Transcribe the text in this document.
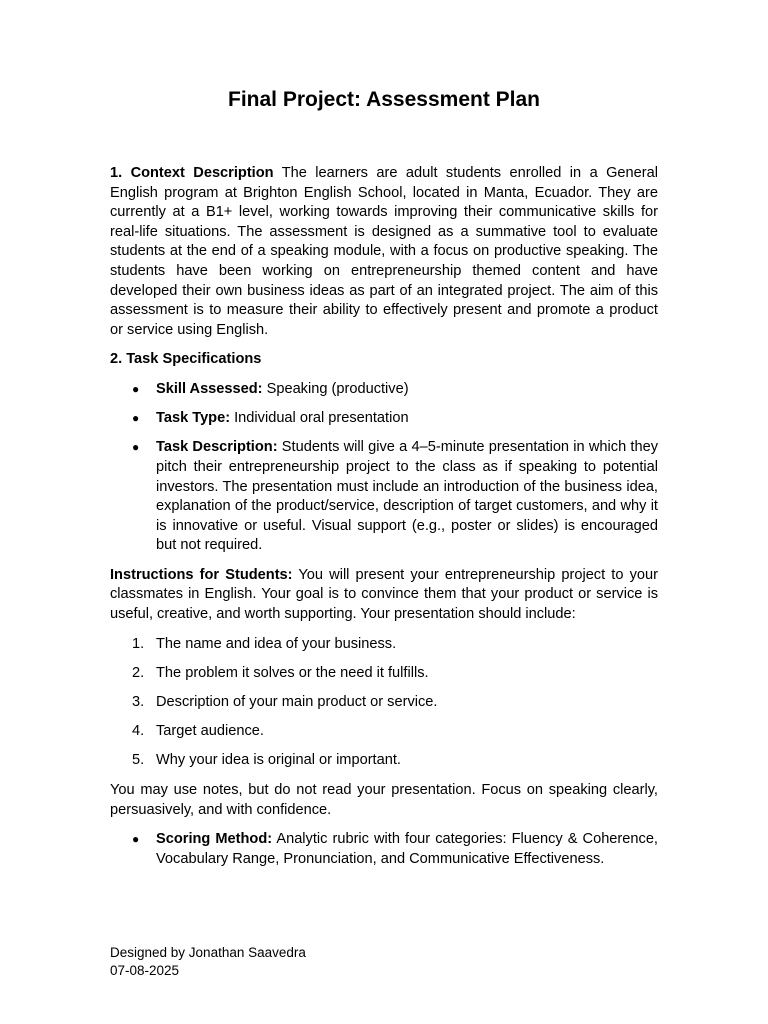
Final Project: Assessment Plan

1. Context Description The learners are adult students enrolled in a General English program at Brighton English School, located in Manta, Ecuador. They are currently at a B1+ level, working towards improving their communicative skills for real-life situations. The assessment is designed as a summative tool to evaluate students at the end of a speaking module, with a focus on productive speaking. The students have been working on entrepreneurship themed content and have developed their own business ideas as part of an integrated project. The aim of this assessment is to measure their ability to effectively present and promote a product or service using English.

2. Task Specifications
● Skill Assessed: Speaking (productive)
● Task Type: Individual oral presentation
● Task Description: Students will give a 4–5-minute presentation in which they pitch their entrepreneurship project to the class as if speaking to potential investors. The presentation must include an introduction of the business idea, explanation of the product/service, description of target customers, and why it is innovative or useful. Visual support (e.g., poster or slides) is encouraged but not required.

Instructions for Students: You will present your entrepreneurship project to your classmates in English. Your goal is to convince them that your product or service is useful, creative, and worth supporting. Your presentation should include:

1. The name and idea of your business.
2. The problem it solves or the need it fulfills.
3. Description of your main product or service.
4. Target audience.
5. Why your idea is original or important.

You may use notes, but do not read your presentation. Focus on speaking clearly, persuasively, and with confidence.

● Scoring Method: Analytic rubric with four categories: Fluency & Coherence, Vocabulary Range, Pronunciation, and Communicative Effectiveness.
Designed by Jonathan Saavedra
07-08-2025
